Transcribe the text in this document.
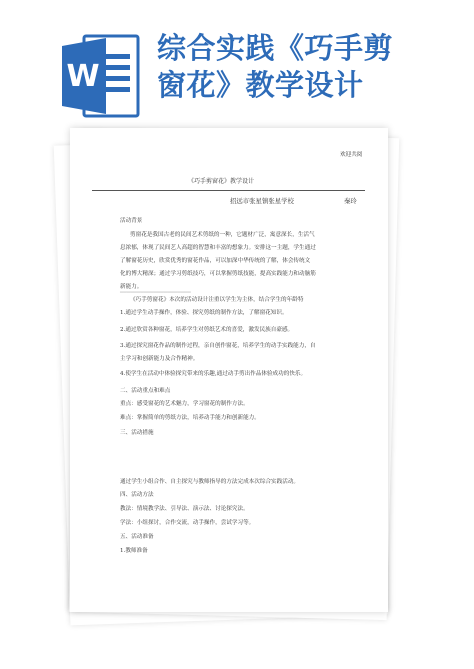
W
综合实践《巧手剪
窗花》教学设计
欢迎共阅
《巧手剪窗花》教学设计
招远市张星镇张星学校	秦玲
活动背景
剪窗花是我国古老的民间艺术剪纸的一种，它题材广泛，寓意深长，生活气
息浓郁，体现了民间艺人高超的智慧和丰富的想象力。安排这一主题，学生通过
了解窗花历史，欣赏优秀的窗花作品，可以加深中华传统的了解，体会传统文
化的博大精深；通过学习剪纸技巧，可以掌握剪纸技能，提高实践能力和动脑筋
新能力。
《巧手剪窗花》本次的活动设计注重以学生为主体，结合学生的年龄特
━━━━━━━━━━━━━━━━━━━━━
1.通过学生动手操作，体验、探究剪纸的制作方法，了解窗花知识。
2.通过欣赏各种窗花，培养学生对剪纸艺术的喜爱，激发民族自豪感。
3.通过探究窗花作品的制作过程，亲自创作窗花，培养学生的动手实践能力，自
主学习和创新能力及合作精神。
4.使学生在活动中体验探究带来的乐趣,通过动手剪出作品体验成功的快乐。
二、活动重点和难点
重点：感受窗花的艺术魅力，学习窗花的制作方法。
难点：掌握简单的剪纸方法，培养动手能力和创新能力。
三、活动措施
通过学生小组合作、自主探究与教师指导的方法完成本次综合实践活动。
四、活动方法
教法：情境教学法、引导法、演示法、讨论探究法。
学法：小组探讨，合作交流，动手操作，尝试学习等。
五、活动准备
1.教师准备
